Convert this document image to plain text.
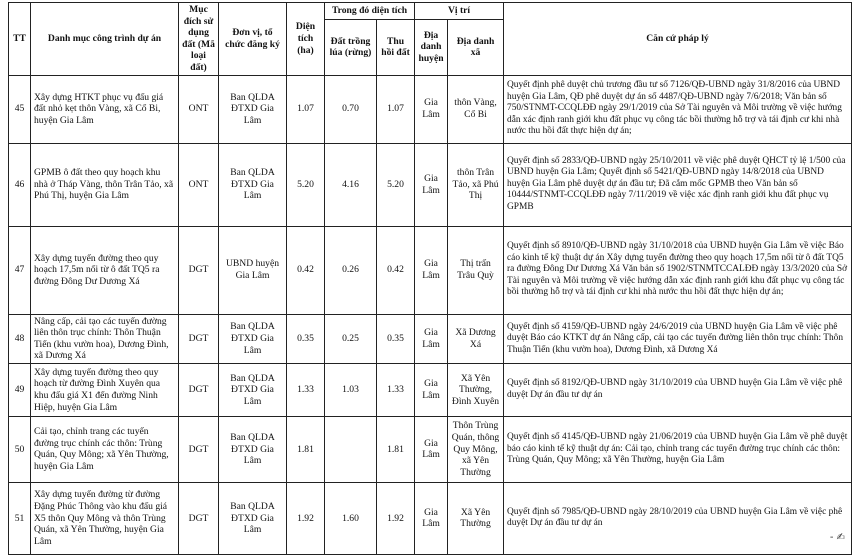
TT	Danh mục công trình dự án	Mục đích sử dụng đất (Mã loại đất)	Đơn vị, tổ chức đăng ký	Diện tích (ha)	Trong đó diện tích		Vị trí		Căn cứ pháp lý
					Đất trồng lúa (rừng)	Thu hồi đất	Địa danh huyện	Địa danh xã	
45	Xây dựng HTKT phục vụ đấu giá đất nhỏ kẹt thôn Vàng, xã Cổ Bi, huyện Gia Lâm	ONT	Ban QLDA ĐTXD Gia Lâm	1.07	0.70	1.07	Gia Lâm	thôn Vàng, Cổ Bi	Quyết định phê duyệt chủ trương đầu tư số 7126/QĐ-UBND ngày 31/8/2016 của UBND huyện Gia Lâm, QĐ phê duyệt dự án số 4487/QĐ-UBND ngày 7/6/2018; Văn bản số 750/STNMT-CCQLĐĐ ngày 29/1/2019 của Sở Tài nguyên và Môi trường về việc hướng dẫn xác định ranh giới khu đất phục vụ công tác bồi thường hỗ trợ và tái định cư khi nhà nước thu hồi đất thực hiện dự án;
46	GPMB ô đất theo quy hoạch khu nhà ở Tháp Vàng, thôn Trân Tảo, xã Phú Thị, huyện Gia Lâm	ONT	Ban QLDA ĐTXD Gia Lâm	5.20	4.16	5.20	Gia Lâm	thôn Trân Tảo, xã Phú Thị	Quyết định số 2833/QĐ-UBND ngày 25/10/2011 về việc phê duyệt QHCT tỷ lệ 1/500 của UBND huyện Gia Lâm; Quyết định số 5421/QĐ-UBND ngày 14/8/2018 của UBND huyện Gia Lâm phê duyệt dự án đầu tư; Đã cắm mốc GPMB theo Văn bản số 10444/STNMT-CCQLĐĐ ngày 7/11/2019 về việc xác định ranh giới khu đất phục vụ GPMB
47	Xây dựng tuyến đường theo quy hoạch 17,5m nối từ ô đất TQ5 ra đường Đông Dư Dương Xá	DGT	UBND huyện Gia Lâm	0.42	0.26	0.42	Gia Lâm	Thị trấn Trâu Quỳ	Quyết định số 8910/QĐ-UBND ngày 31/10/2018 của UBND huyện Gia Lâm về việc Báo cáo kinh tế kỹ thuật dự án Xây dựng tuyến đường theo quy hoạch 17,5m nối từ ô đất TQ5 ra đường Đông Dư Dương Xá Văn bản số 1902/STNMTCCALĐĐ ngày 13/3/2020 của Sở Tài nguyên và Môi trường về việc hướng dẫn xác định ranh giới khu đất phục vụ công tác bồi thường hỗ trợ và tái định cư khi nhà nước thu hồi đất thực hiện dự án;
48	Nâng cấp, cải tạo các tuyến đường liên thôn trục chính: Thôn Thuận Tiến (khu vườn hoa), Dương Đình, xã Dương Xá	DGT	Ban QLDA ĐTXD Gia Lâm	0.35	0.25	0.35	Gia Lâm	Xã Dương Xá	Quyết định số 4159/QĐ-UBND ngày 24/6/2019 của UBND huyện Gia Lâm về việc phê duyệt Báo cáo KTKT dự án Nâng cấp, cải tạo các tuyến đường liên thôn trục chính: Thôn Thuận Tiến (khu vườn hoa), Dương Đình, xã Dương Xá
49	Xây dựng tuyến đường theo quy hoạch từ đường Đình Xuyên qua khu đấu giá X1 đến đường Ninh Hiệp, huyện Gia Lâm	DGT	Ban QLDA ĐTXD Gia Lâm	1.33	1.03	1.33	Gia Lâm	Xã Yên Thường, Đình Xuyên	Quyết định số 8192/QĐ-UBND ngày 31/10/2019 của UBND huyện Gia Lâm về việc phê duyệt Dự án đầu tư dự án
50	Cải tạo, chỉnh trang các tuyến đường trục chính các thôn: Trùng Quán, Quy Mông; xã Yên Thường, huyện Gia Lâm	DGT	Ban QLDA ĐTXD Gia Lâm	1.81		1.81	Gia Lâm	Thôn Trùng Quán, thông Quy Mông, xã Yên Thường	Quyết định số 4145/QĐ-UBND ngày 21/06/2019 của UBND huyện Gia Lâm về phê duyệt báo cáo kinh tế kỹ thuật dự án: Cải tạo, chỉnh trang các tuyến đường trục chính các thôn: Trùng Quán, Quy Mông; xã Yên Thường, huyện Gia Lâm
51	Xây dựng tuyến đường từ đường Đặng Phúc Thông vào khu đấu giá X5 thôn Quy Mông và thôn Trùng Quán, xã Yên Thường, huyện Gia Lâm	DGT	Ban QLDA ĐTXD Gia Lâm	1.92	1.60	1.92	Gia Lâm	Xã Yên Thường	Quyết định số 7985/QĐ-UBND ngày 28/10/2019 của UBND huyện Gia Lâm về việc phê duyệt Dự án đầu tư dự án
- ✍
